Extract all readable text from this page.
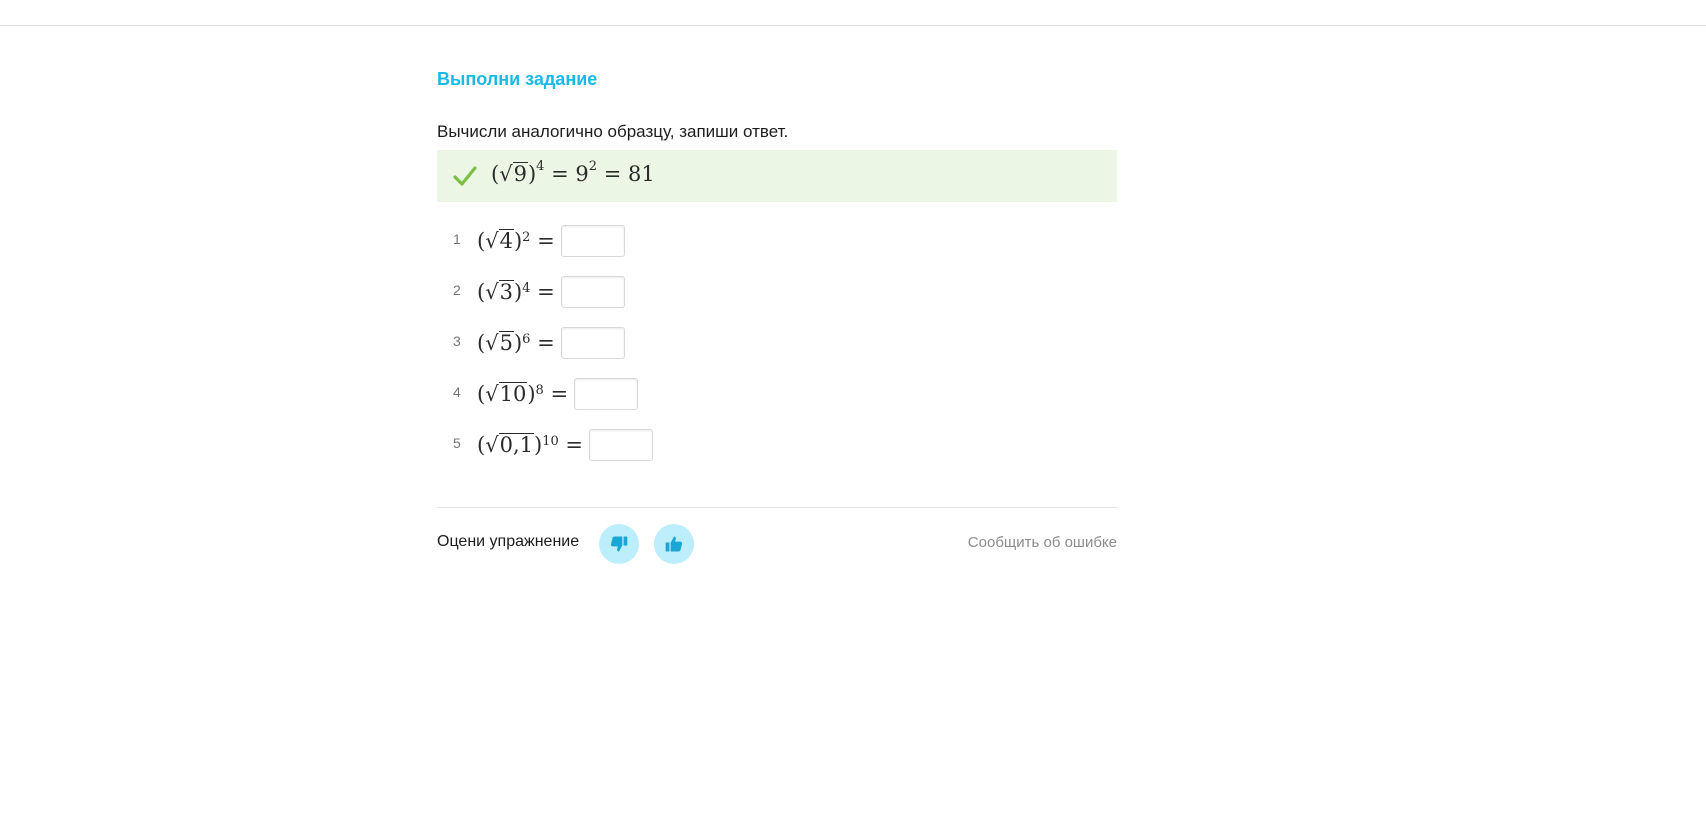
Выполни задание
Вычисли аналогично образцу, запиши ответ.
$(√9)^4 = 9^2 = 81$
1 ( √4 )$^2$ =
2 ( √3 )$^4$ =
3 ( √5 )$^6$ =
4 ( √10 )$^8$ =
5 ( √0,1 )$^{10}$ =
Оцени упражнение	Сообщить об ошибке
